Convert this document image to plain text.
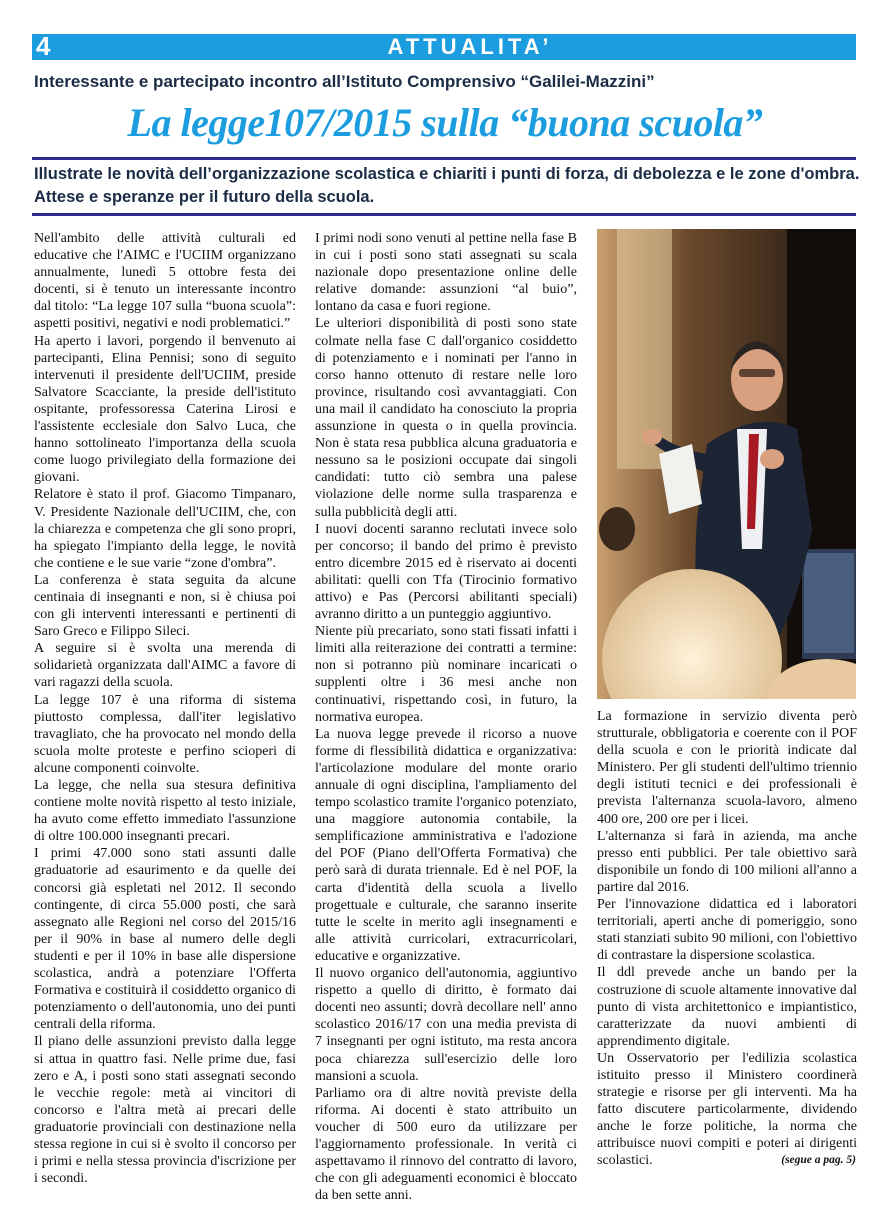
4	ATTUALITA’
Interessante e partecipato incontro all’Istituto Comprensivo “Galilei-Mazzini”
La legge107/2015 sulla “buona scuola”
Illustrate le novità dell’organizzazione scolastica e chiariti i punti di forza, di debolezza e le zone d'ombra. Attese e speranze per il futuro della scuola.

Nell'ambito delle attività culturali ed educative che l'AIMC e l'UCIIM organizzano annualmente, lunedì 5 ottobre festa dei docenti, si è tenuto un interessante incontro dal titolo: “La legge 107 sulla “buona scuola”: aspetti positivi, negativi e nodi problematici.”

Ha aperto i lavori, porgendo il benvenuto ai partecipanti, Elina Pennisi; sono di seguito intervenuti il presidente dell'UCIIM, preside Salvatore Scacciante, la preside dell'istituto ospitante, professoressa Caterina Lirosi e l'assistente ecclesiale don Salvo Luca, che hanno sottolineato l'importanza della scuola come luogo privilegiato della formazione dei giovani.

Relatore è stato il prof. Giacomo Timpanaro, V. Presidente Nazionale dell'UCIIM, che, con la chiarezza e competenza che gli sono propri, ha spiegato l'impianto della legge, le novità che contiene e le sue varie “zone d'ombra”.

La conferenza è stata seguita da alcune centinaia di insegnanti e non, si è chiusa poi con gli interventi interessanti e pertinenti di Saro Greco e Filippo Sileci.

A seguire si è svolta una merenda di solidarietà organizzata dall'AIMC a favore di vari ragazzi della scuola.

La legge 107 è una riforma di sistema piuttosto complessa, dall'iter legislativo travagliato, che ha provocato nel mondo della scuola molte proteste e perfino scioperi di alcune componenti coinvolte.

La legge, che nella sua stesura definitiva contiene molte novità rispetto al testo iniziale, ha avuto come effetto immediato l'assunzione di oltre 100.000 insegnanti precari.

I primi 47.000 sono stati assunti dalle graduatorie ad esaurimento e da quelle dei concorsi già espletati nel 2012. Il secondo contingente, di circa 55.000 posti, che sarà assegnato alle Regioni nel corso del 2015/16 per il 90% in base al numero delle degli studenti e per il 10% in base alle dispersione scolastica, andrà a potenziare l'Offerta Formativa e costituirà il cosiddetto organico di potenziamento o dell'autonomia, uno dei punti centrali della riforma.

Il piano delle assunzioni previsto dalla legge si attua in quattro fasi. Nelle prime due, fasi zero e A, i posti sono stati assegnati secondo le vecchie regole: metà ai vincitori di concorso e l'altra metà ai precari delle graduatorie provinciali con destinazione nella stessa regione in cui si è svolto il concorso per i primi e nella stessa provincia d'iscrizione per i secondi.

I primi nodi sono venuti al pettine nella fase B in cui i posti sono stati assegnati su scala nazionale dopo presentazione online delle relative domande: assunzioni “al buio”, lontano da casa e fuori regione.

Le ulteriori disponibilità di posti sono state colmate nella fase C dall'organico cosiddetto di potenziamento e i nominati per l'anno in corso hanno ottenuto di restare nelle loro province, risultando così avvantaggiati. Con una mail il candidato ha conosciuto la propria assunzione in questa o in quella provincia. Non è stata resa pubblica alcuna graduatoria e nessuno sa le posizioni occupate dai singoli candidati: tutto ciò sembra una palese violazione delle norme sulla trasparenza e sulla pubblicità degli atti.

I nuovi docenti saranno reclutati invece solo per concorso; il bando del primo è previsto entro dicembre 2015 ed è riservato ai docenti abilitati: quelli con Tfa (Tirocinio formativo attivo) e Pas (Percorsi abilitanti speciali) avranno diritto a un punteggio aggiuntivo.

Niente più precariato, sono stati fissati infatti i limiti alla reiterazione dei contratti a termine: non si potranno più nominare incaricati o supplenti oltre i 36 mesi anche non continuativi, rispettando così, in futuro, la normativa europea.

La nuova legge prevede il ricorso a nuove forme di flessibilità didattica e organizzativa: l'articolazione modulare del monte orario annuale di ogni disciplina, l'ampliamento del tempo scolastico tramite l'organico potenziato, una maggiore autonomia contabile, la semplificazione amministrativa e l'adozione del POF (Piano dell'Offerta Formativa) che però sarà di durata triennale. Ed è nel POF, la carta d'identità della scuola a livello progettuale e culturale, che saranno inserite tutte le scelte in merito agli insegnamenti e alle attività curricolari, extracurricolari, educative e organizzative.

Il nuovo organico dell'autonomia, aggiuntivo rispetto a quello di diritto, è formato dai docenti neo assunti; dovrà decollare nell' anno scolastico 2016/17 con una media prevista di 7 insegnanti per ogni istituto, ma resta ancora poca chiarezza sull'esercizio delle loro mansioni a scuola.

Parliamo ora di altre novità previste della riforma. Ai docenti è stato attribuito un voucher di 500 euro da utilizzare per l'aggiornamento professionale. In verità ci aspettavamo il rinnovo del contratto di lavoro, che con gli adeguamenti economici è bloccato da ben sette anni.

La formazione in servizio diventa però strutturale, obbligatoria e coerente con il POF della scuola e con le priorità indicate dal Ministero. Per gli studenti dell'ultimo triennio degli istituti tecnici e dei professionali è prevista l'alternanza scuola-lavoro, almeno 400 ore, 200 ore per i licei.

L'alternanza si farà in azienda, ma anche presso enti pubblici. Per tale obiettivo sarà disponibile un fondo di 100 milioni all'anno a partire dal 2016.

Per l'innovazione didattica ed i laboratori territoriali, aperti anche di pomeriggio, sono stati stanziati subito 90 milioni, con l'obiettivo di contrastare la dispersione scolastica.

Il ddl prevede anche un bando per la costruzione di scuole altamente innovative dal punto di vista architettonico e impiantistico, caratterizzate da nuovi ambienti di apprendimento digitale.

Un Osservatorio per l'edilizia scolastica istituito presso il Ministero coordinerà strategie e risorse per gli interventi. Ma ha fatto discutere particolarmente, dividendo anche le forze politiche, la norma che attribuisce nuovi compiti e poteri ai dirigenti scolastici.	(segue a pag. 5)
